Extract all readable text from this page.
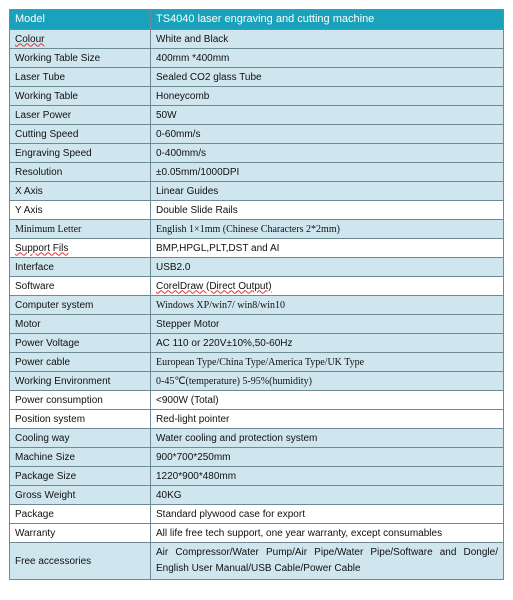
Model	TS4040 laser engraving and cutting machine
Colour	White and Black
Working Table Size	400mm *400mm
Laser Tube	Sealed CO2 glass Tube
Working Table	Honeycomb
Laser Power	50W
Cutting Speed	0-60mm/s
Engraving Speed	0-400mm/s
Resolution	±0.05mm/1000DPI
X Axis	Linear Guides
Y Axis	Double Slide Rails
Minimum Letter	English 1×1mm (Chinese Characters 2*2mm)
Support Fils	BMP,HPGL,PLT,DST and AI
Interface	USB2.0
Software	CorelDraw (Direct Output)
Computer system	Windows XP/win7/ win8/win10
Motor	Stepper Motor
Power Voltage	AC 110 or 220V±10%,50-60Hz
Power cable	European Type/China Type/America Type/UK Type
Working Environment	0-45℃(temperature) 5-95%(humidity)
Power consumption	<900W (Total)
Position system	Red-light pointer
Cooling way	Water cooling and protection system
Machine Size	900*700*250mm
Package Size	1220*900*480mm
Gross Weight	40KG
Package	Standard plywood case for export
Warranty	All life free tech support, one year warranty, except consumables
Free accessories	Air Compressor/Water Pump/Air Pipe/Water Pipe/Software and Dongle/ English User Manual/USB Cable/Power Cable
